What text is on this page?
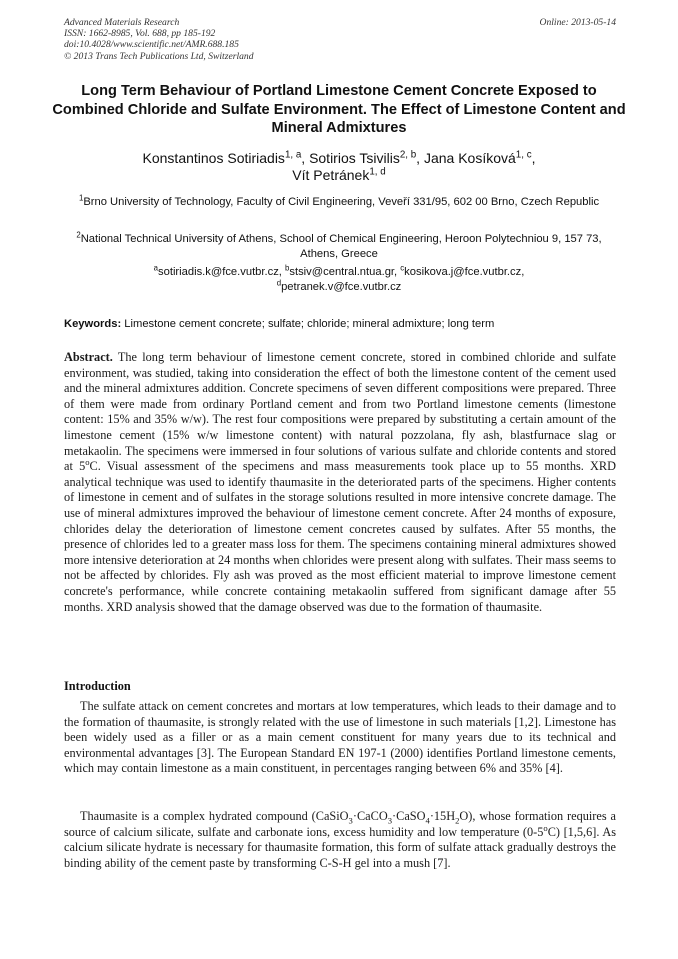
Advanced Materials Research
ISSN: 1662-8985, Vol. 688, pp 185-192
doi:10.4028/www.scientific.net/AMR.688.185
© 2013 Trans Tech Publications Ltd, Switzerland
Online: 2013-05-14
Long Term Behaviour of Portland Limestone Cement Concrete Exposed to Combined Chloride and Sulfate Environment. The Effect of Limestone Content and Mineral Admixtures
Konstantinos Sotiriadis$^{1, a}$, Sotirios Tsivilis$^{2, b}$, Jana Kosíková$^{1, c}$,
Vít Petránek$^{1, d}$
$^1$Brno University of Technology, Faculty of Civil Engineering, Veveří 331/95, 602 00 Brno, Czech Republic
$^2$National Technical University of Athens, School of Chemical Engineering, Heroon Polytechniou 9, 157 73, Athens, Greece
$^a$sotiriadis.k@fce.vutbr.cz, $^b$stsiv@central.ntua.gr, $^c$kosikova.j@fce.vutbr.cz,
$^d$petranek.v@fce.vutbr.cz
Keywords: Limestone cement concrete; sulfate; chloride; mineral admixture; long term
Abstract. The long term behaviour of limestone cement concrete, stored in combined chloride and sulfate environment, was studied, taking into consideration the effect of both the limestone content of the cement used and the mineral admixtures addition. Concrete specimens of seven different compositions were prepared. Three of them were made from ordinary Portland cement and from two Portland limestone cements (limestone content: 15% and 35% w/w). The rest four compositions were prepared by substituting a certain amount of the limestone cement (15% w/w limestone content) with natural pozzolana, fly ash, blastfurnace slag or metakaolin. The specimens were immersed in four solutions of various sulfate and chloride contents and stored at 5$^o$C. Visual assessment of the specimens and mass measurements took place up to 55 months. XRD analytical technique was used to identify thaumasite in the deteriorated parts of the specimens. Higher contents of limestone in cement and of sulfates in the storage solutions resulted in more intensive concrete damage. The use of mineral admixtures improved the behaviour of limestone cement concrete. After 24 months of exposure, chlorides delay the deterioration of limestone cement concretes caused by sulfates. After 55 months, the presence of chlorides led to a greater mass loss for them. The specimens containing mineral admixtures showed more intensive deterioration at 24 months when chlorides were present along with sulfates. Their mass seems to not be affected by chlorides. Fly ash was proved as the most efficient material to improve limestone cement concrete's performance, while concrete containing metakaolin suffered from significant damage after 55 months. XRD analysis showed that the damage observed was due to the formation of thaumasite.
Introduction
The sulfate attack on cement concretes and mortars at low temperatures, which leads to their damage and to the formation of thaumasite, is strongly related with the use of limestone in such materials [1,2]. Limestone has been widely used as a filler or as a main cement constituent for many years due to its technical and environmental advantages [3]. The European Standard EN 197-1 (2000) identifies Portland limestone cements, which may contain limestone as a main constituent, in percentages ranging between 6% and 35% [4].
Thaumasite is a complex hydrated compound $(CaSiO_3\cdot CaCO_3\cdot CaSO_4\cdot 15H_2O)$, whose formation requires a source of calcium silicate, sulfate and carbonate ions, excess humidity and low temperature (0-5$^o$C) [1,5,6]. As calcium silicate hydrate is necessary for thaumasite formation, this form of sulfate attack gradually destroys the binding ability of the cement paste by transforming C-S-H gel into a mush [7].
